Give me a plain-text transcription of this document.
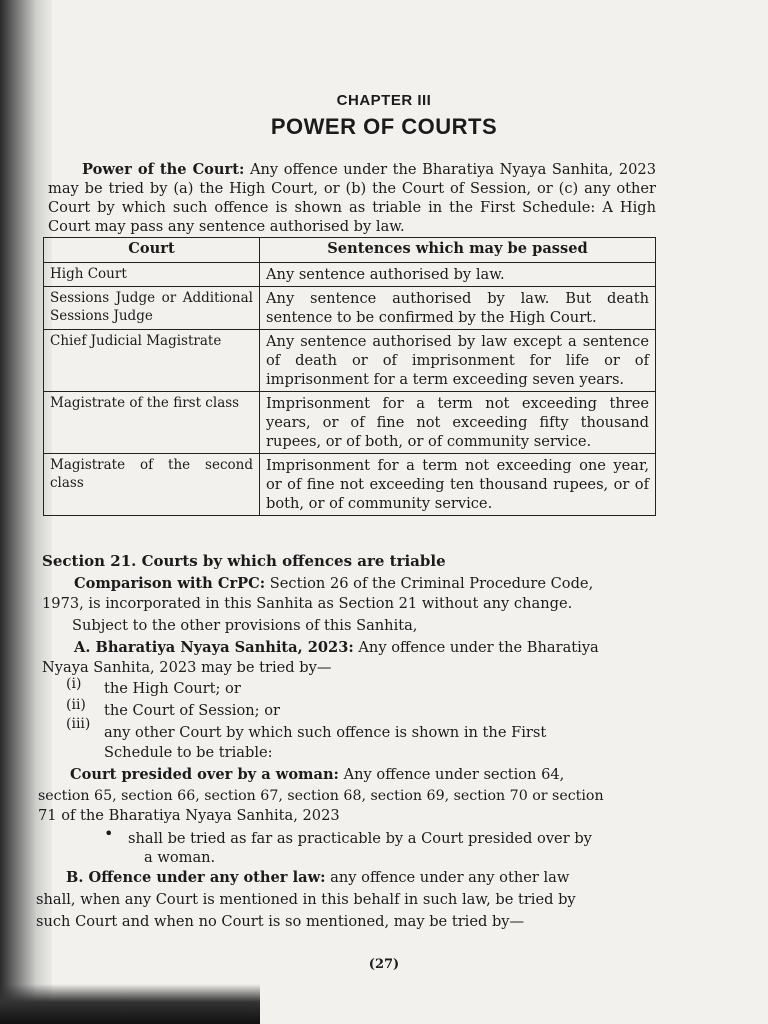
CHAPTER III
POWER OF COURTS
Power of the Court: Any offence under the Bharatiya Nyaya Sanhita, 2023 may be tried by (a) the High Court, or (b) the Court of Session, or (c) any other Court by which such offence is shown as triable in the First Schedule: A High Court may pass any sentence authorised by law.
Court	Sentences which may be passed
High Court	Any sentence authorised by law.
Sessions Judge or Additional Sessions Judge	Any sentence authorised by law. But death sentence to be confirmed by the High Court.
Chief Judicial Magistrate	Any sentence authorised by law except a sentence of death or of imprisonment for life or of imprisonment for a term exceeding seven years.
Magistrate of the first class	Imprisonment for a term not exceeding three years, or of fine not exceeding fifty thousand rupees, or of both, or of community service.
Magistrate of the second class	Imprisonment for a term not exceeding one year, or of fine not exceeding ten thousand rupees, or of both, or of community service.
Section 21. Courts by which offences are triable
Comparison with CrPC: Section 26 of the Criminal Procedure Code,
1973, is incorporated in this Sanhita as Section 21 without any change.
Subject to the other provisions of this Sanhita,
A. Bharatiya Nyaya Sanhita, 2023: Any offence under the Bharatiya
Nyaya Sanhita, 2023 may be tried by—
(i) the High Court; or
(ii) the Court of Session; or
(iii) any other Court by which such offence is shown in the First
Schedule to be triable:
Court presided over by a woman: Any offence under section 64,
section 65, section 66, section 67, section 68, section 69, section 70 or section
71 of the Bharatiya Nyaya Sanhita, 2023
• shall be tried as far as practicable by a Court presided over by
a woman.
B. Offence under any other law: any offence under any other law
shall, when any Court is mentioned in this behalf in such law, be tried by
such Court and when no Court is so mentioned, may be tried by—
(27)
